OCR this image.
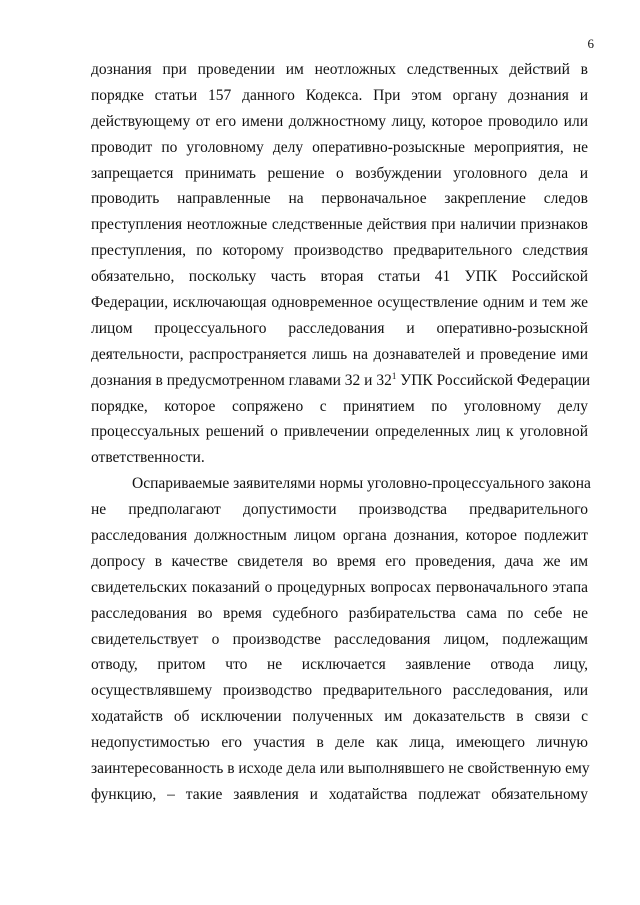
6
дознания при проведении им неотложных следственных действий в
порядке статьи 157 данного Кодекса. При этом органу дознания и
действующему от его имени должностному лицу, которое проводило или
проводит по уголовному делу оперативно-розыскные мероприятия, не
запрещается принимать решение о возбуждении уголовного дела и
проводить направленные на первоначальное закрепление следов
преступления неотложные следственные действия при наличии признаков
преступления, по которому производство предварительного следствия
обязательно, поскольку часть вторая статьи 41 УПК Российской
Федерации, исключающая одновременное осуществление одним и тем же
лицом процессуального расследования и оперативно-розыскной
деятельности, распространяется лишь на дознавателей и проведение ими
дознания в предусмотренном главами 32 и $32^1$ УПК Российской Федерации
порядке, которое сопряжено с принятием по уголовному делу
процессуальных решений о привлечении определенных лиц к уголовной
ответственности.
Оспариваемые заявителями нормы уголовно-процессуального закона
не предполагают допустимости производства предварительного
расследования должностным лицом органа дознания, которое подлежит
допросу в качестве свидетеля во время его проведения, дача же им
свидетельских показаний о процедурных вопросах первоначального этапа
расследования во время судебного разбирательства сама по себе не
свидетельствует о производстве расследования лицом, подлежащим
отводу, притом что не исключается заявление отвода лицу,
осуществлявшему производство предварительного расследования, или
ходатайств об исключении полученных им доказательств в связи с
недопустимостью его участия в деле как лица, имеющего личную
заинтересованность в исходе дела или выполнявшего не свойственную ему
функцию, – такие заявления и ходатайства подлежат обязательному
